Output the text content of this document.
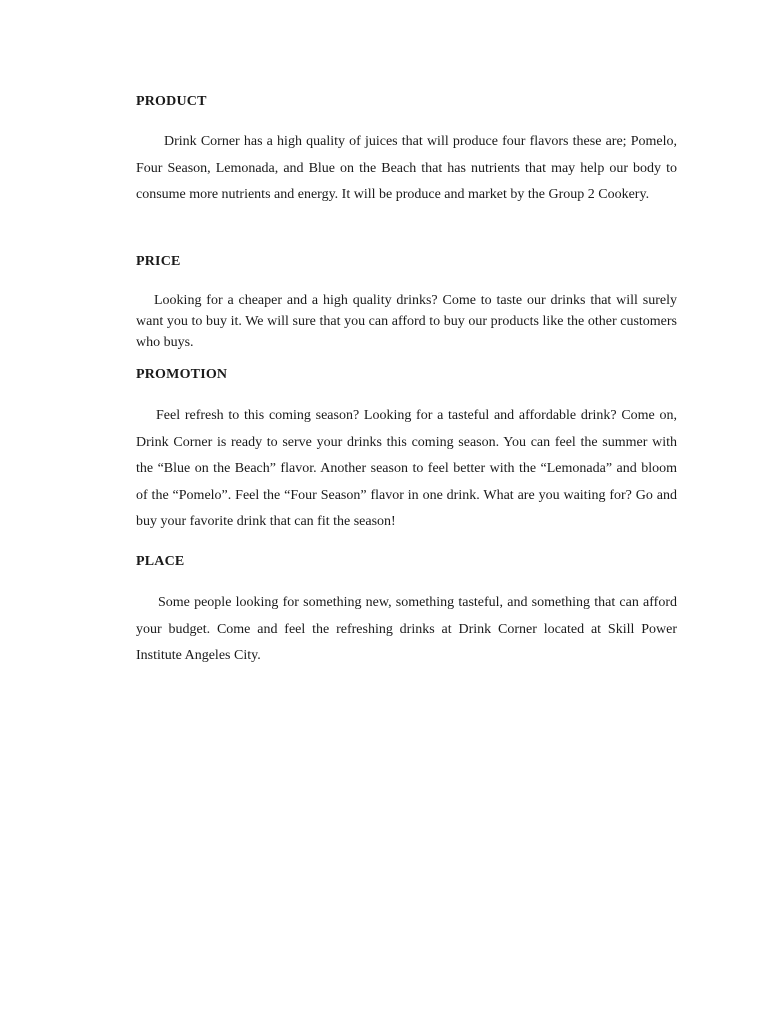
PRODUCT

Drink Corner has a high quality of juices that will produce four flavors these are; Pomelo, Four Season, Lemonada, and Blue on the Beach that has nutrients that may help our body to consume more nutrients and energy. It will be produce and market by the Group 2 Cookery.

PRICE

Looking for a cheaper and a high quality drinks? Come to taste our drinks that will surely want you to buy it. We will sure that you can afford to buy our products like the other customers who buys.

PROMOTION

Feel refresh to this coming season? Looking for a tasteful and affordable drink? Come on, Drink Corner is ready to serve your drinks this coming season. You can feel the summer with the “Blue on the Beach” flavor. Another season to feel better with the “Lemonada” and bloom of the “Pomelo”. Feel the “Four Season” flavor in one drink. What are you waiting for? Go and buy your favorite drink that can fit the season!

PLACE

Some people looking for something new, something tasteful, and something that can afford your budget. Come and feel the refreshing drinks at Drink Corner located at Skill Power Institute Angeles City.
